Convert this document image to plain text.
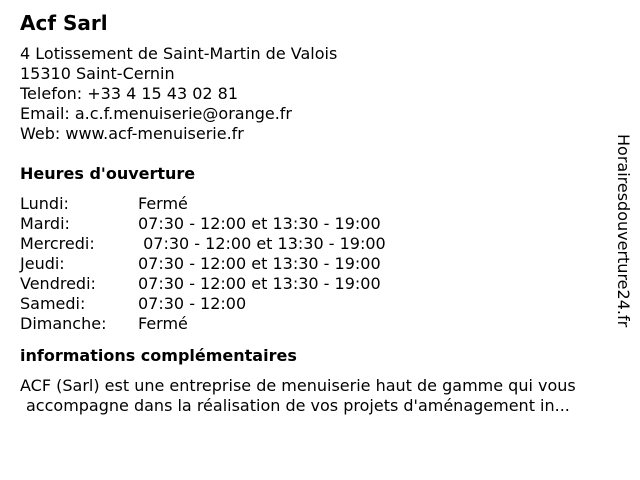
Acf Sarl
4 Lotissement de Saint-Martin de Valois
15310 Saint-Cernin
Telefon: +33 4 15 43 02 81
Email: a.c.f.menuiserie@orange.fr
Web: www.acf-menuiserie.fr
Heures d'ouverture
Lundi:	Fermé
Mardi:	07:30 - 12:00 et 13:30 - 19:00
Mercredi:	07:30 - 12:00 et 13:30 - 19:00
Jeudi:	07:30 - 12:00 et 13:30 - 19:00
Vendredi:	07:30 - 12:00 et 13:30 - 19:00
Samedi:	07:30 - 12:00
Dimanche:	Fermé
informations complémentaires
ACF (Sarl) est une entreprise de menuiserie haut de gamme qui vous
accompagne dans la réalisation de vos projets d'aménagement in...
Horairesdouverture24.fr
